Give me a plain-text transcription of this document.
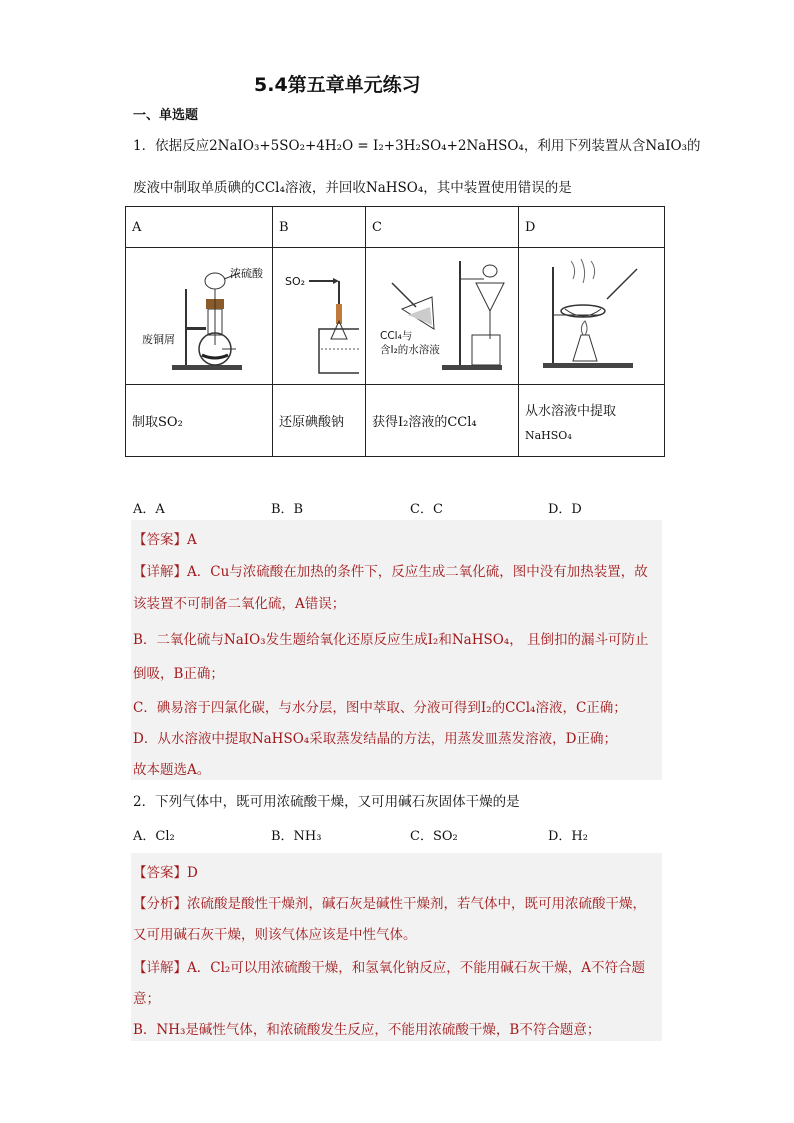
5.4第五章单元练习
一、单选题
1．依据反应2NaIO₃+5SO₂+4H₂O = I₂+3H₂SO₄+2NaHSO₄，利用下列装置从含NaIO₃的
废液中制取单质碘的CCl₄溶液，并回收NaHSO₄，其中装置使用错误的是
A	B	C	D

浓硫酸
废铜屑	SO₂	CCl₄与
含I₂的水溶液

制取SO₂	还原碘酸钠	获得I₂溶液的CCl₄	从水溶液中提取
NaHSO₄
A．A	B．B	C．C	D．D
【答案】A
【详解】A．Cu与浓硫酸在加热的条件下，反应生成二氧化硫，图中没有加热装置，故
该装置不可制备二氧化硫，A错误；
B．二氧化硫与NaIO₃发生题给氧化还原反应生成I₂和NaHSO₄， 且倒扣的漏斗可防止
倒吸，B正确；
C．碘易溶于四氯化碳，与水分层，图中萃取、分液可得到I₂的CCl₄溶液，C正确；
D．从水溶液中提取NaHSO₄采取蒸发结晶的方法，用蒸发皿蒸发溶液，D正确；
故本题选A。
2．下列气体中，既可用浓硫酸干燥，又可用碱石灰固体干燥的是
A．Cl₂	B．NH₃	C．SO₂	D．H₂
【答案】D
【分析】浓硫酸是酸性干燥剂，碱石灰是碱性干燥剂，若气体中，既可用浓硫酸干燥，
又可用碱石灰干燥，则该气体应该是中性气体。
【详解】A．Cl₂可以用浓硫酸干燥，和氢氧化钠反应，不能用碱石灰干燥，A不符合题
意；
B．NH₃是碱性气体，和浓硫酸发生反应，不能用浓硫酸干燥，B不符合题意；
